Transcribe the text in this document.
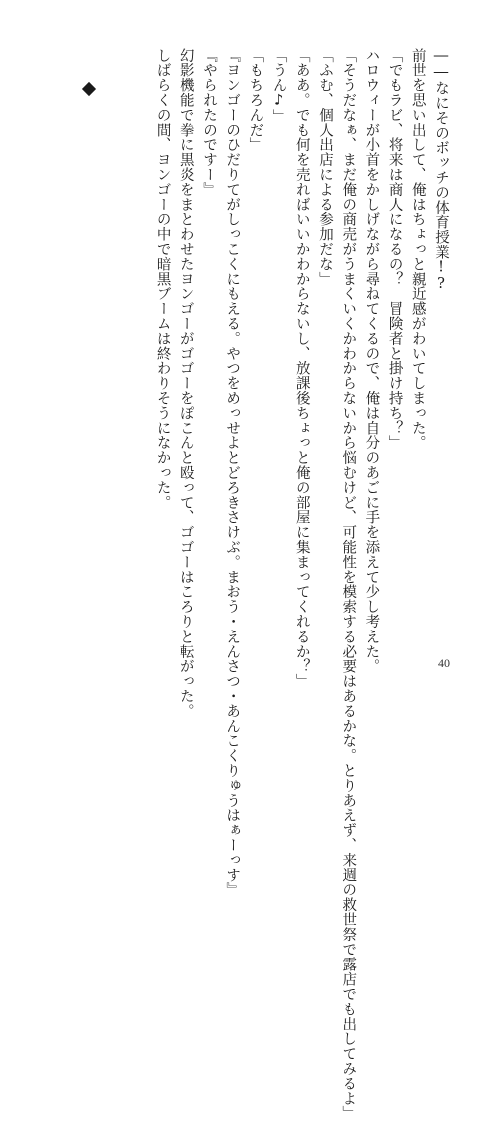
――なにそのボッチの体育授業!?
前世を思い出して、俺はちょっと親近感がわいてしまった。
「でもラビ、将来は商人になるの？　冒険者と掛け持ち？」
ハロウィーが小首をかしげながら尋ねてくるので、俺は自分のあごに手を添えて少し考えた。
「そうだなぁ、まだ俺の商売がうまくいくかわからないから悩むけど、可能性を模索する必要はあるかな。とりあえず、来週の救世祭で露店でも出してみるよ」
「ふむ、個人出店による参加だな」
「ああ。でも何を売ればいいかわからないし、放課後ちょっと俺の部屋に集まってくれるか？」
「うん♪」
「もちろんだ」
『ヨンゴーのひだりてがしっこくにもえる。やつをめっせよとどろきさけぶ。まおう・えんさつ・あんこくりゅうはぁーっす』
『やられたのですー』
幻影機能で拳に黒炎をまとわせたヨンゴーがゴゴーをぽこんと殴って、ゴゴーはころりと転がった。
しばらくの間、ヨンゴーの中で暗黒ブームは終わりそうになかった。
40
